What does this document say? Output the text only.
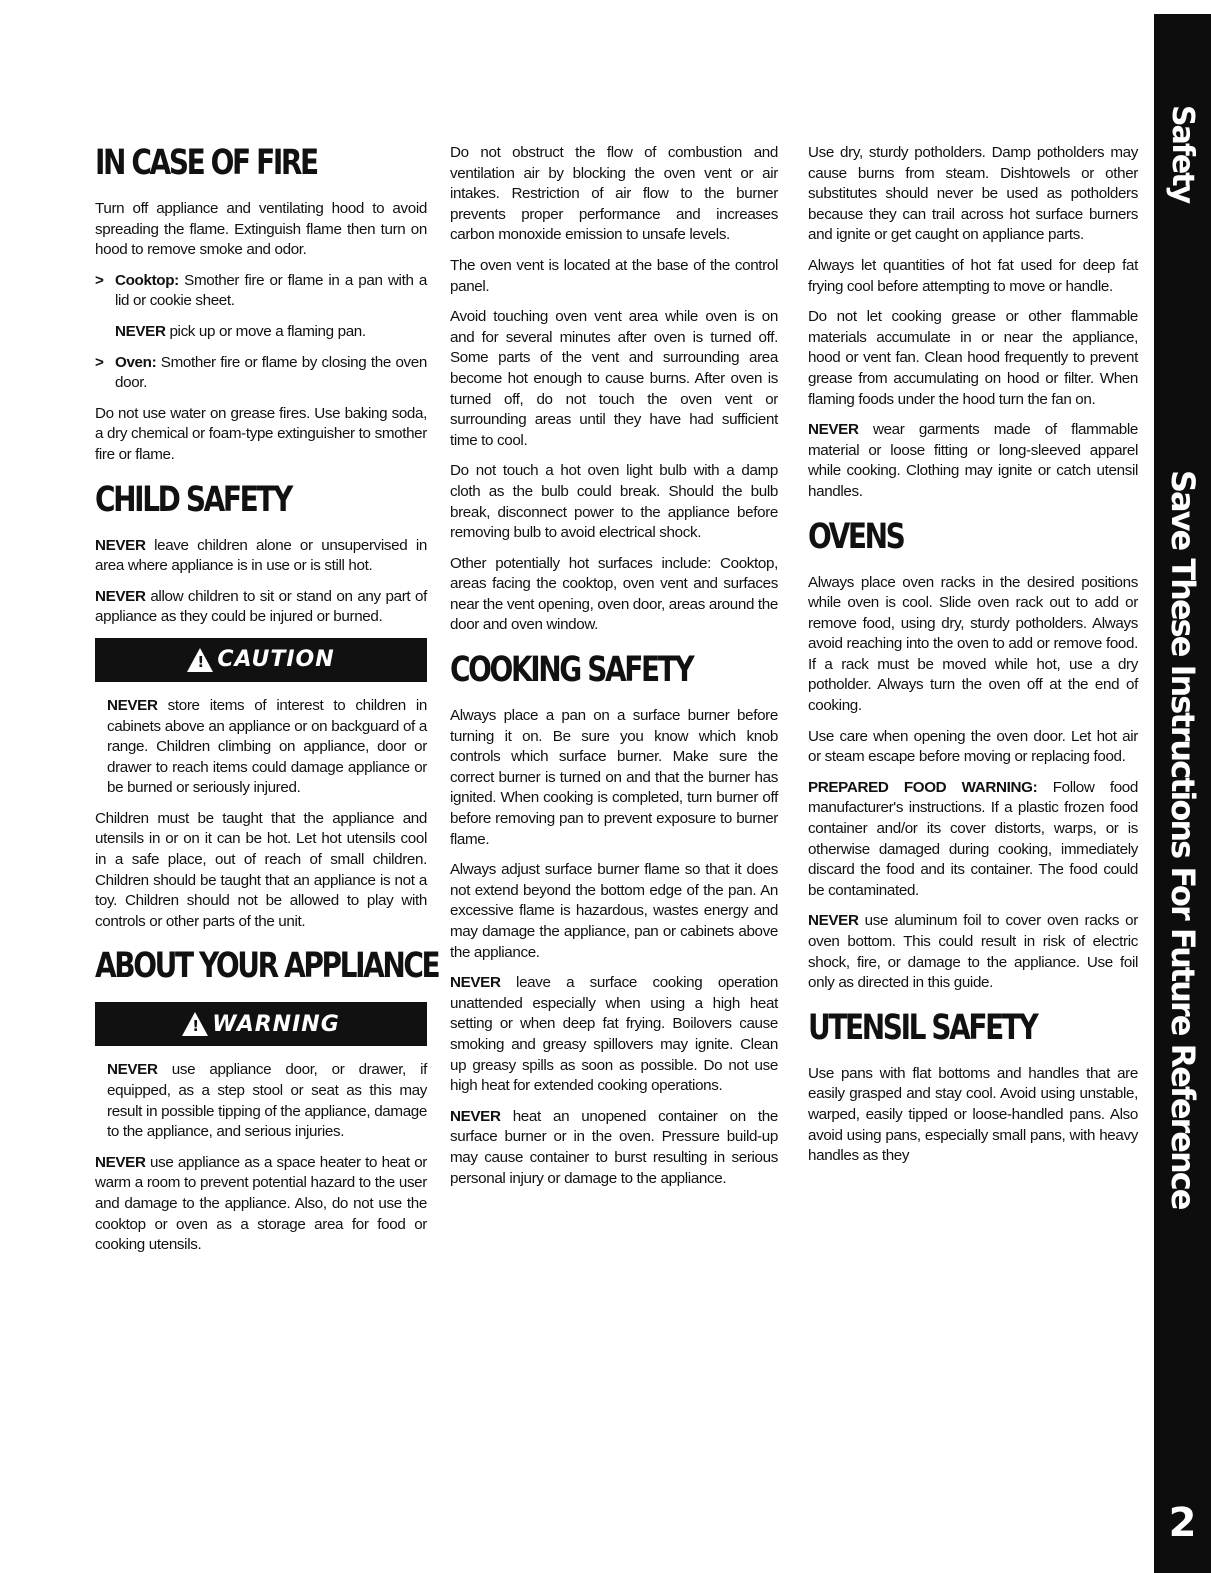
IN CASE OF FIRE

Turn off appliance and ventilating hood to avoid spreading the flame. Extinguish flame then turn on hood to remove smoke and odor.

> Cooktop: Smother fire or flame in a pan with a lid or cookie sheet.

NEVER pick up or move a flaming pan.

> Oven: Smother fire or flame by closing the oven door.

Do not use water on grease fires. Use baking soda, a dry chemical or foam-type extinguisher to smother fire or flame.

CHILD SAFETY

NEVER leave children alone or unsupervised in area where appliance is in use or is still hot.

NEVER allow children to sit or stand on any part of appliance as they could be injured or burned.

!
CAUTION

NEVER store items of interest to children in cabinets above an appliance or on backguard of a range. Children climbing on appliance, door or drawer to reach items could damage appliance or be burned or seriously injured.

Children must be taught that the appliance and utensils in or on it can be hot. Let hot utensils cool in a safe place, out of reach of small children. Children should be taught that an appliance is not a toy. Children should not be allowed to play with controls or other parts of the unit.

ABOUT YOUR APPLIANCE
!
WARNING

NEVER use appliance door, or drawer, if equipped, as a step stool or seat as this may result in possible tipping of the appliance, damage to the appliance, and serious injuries.

NEVER use appliance as a space heater to heat or warm a room to prevent potential hazard to the user and damage to the appliance. Also, do not use the cooktop or oven as a storage area for food or cooking utensils.

Do not obstruct the flow of combustion and ventilation air by blocking the oven vent or air intakes. Restriction of air flow to the burner prevents proper performance and increases carbon monoxide emission to unsafe levels.

The oven vent is located at the base of the control panel.

Avoid touching oven vent area while oven is on and for several minutes after oven is turned off. Some parts of the vent and surrounding area become hot enough to cause burns. After oven is turned off, do not touch the oven vent or surrounding areas until they have had sufficient time to cool.

Do not touch a hot oven light bulb with a damp cloth as the bulb could break. Should the bulb break, disconnect power to the appliance before removing bulb to avoid electrical shock.

Other potentially hot surfaces include: Cooktop, areas facing the cooktop, oven vent and surfaces near the vent opening, oven door, areas around the door and oven window.

COOKING SAFETY

Always place a pan on a surface burner before turning it on. Be sure you know which knob controls which surface burner. Make sure the correct burner is turned on and that the burner has ignited. When cooking is completed, turn burner off before removing pan to prevent exposure to burner flame.

Always adjust surface burner flame so that it does not extend beyond the bottom edge of the pan. An excessive flame is hazardous, wastes energy and may damage the appliance, pan or cabinets above the appliance.

NEVER leave a surface cooking operation unattended especially when using a high heat setting or when deep fat frying. Boilovers cause smoking and greasy spillovers may ignite. Clean up greasy spills as soon as possible. Do not use high heat for extended cooking operations.

NEVER heat an unopened container on the surface burner or in the oven. Pressure build-up may cause container to burst resulting in serious personal injury or damage to the appliance.

Use dry, sturdy potholders. Damp potholders may cause burns from steam. Dishtowels or other substitutes should never be used as potholders because they can trail across hot surface burners and ignite or get caught on appliance parts.

Always let quantities of hot fat used for deep fat frying cool before attempting to move or handle.

Do not let cooking grease or other flammable materials accumulate in or near the appliance, hood or vent fan. Clean hood frequently to prevent grease from accumulating on hood or filter. When flaming foods under the hood turn the fan on.

NEVER wear garments made of flammable material or loose fitting or long-sleeved apparel while cooking. Clothing may ignite or catch utensil handles.

OVENS

Always place oven racks in the desired positions while oven is cool. Slide oven rack out to add or remove food, using dry, sturdy potholders. Always avoid reaching into the oven to add or remove food. If a rack must be moved while hot, use a dry potholder. Always turn the oven off at the end of cooking.

Use care when opening the oven door. Let hot air or steam escape before moving or replacing food.

PREPARED FOOD WARNING: Follow food manufacturer's instructions. If a plastic frozen food container and/or its cover distorts, warps, or is otherwise damaged during cooking, immediately discard the food and its container. The food could be contaminated.

NEVER use aluminum foil to cover oven racks or oven bottom. This could result in risk of electric shock, fire, or damage to the appliance. Use foil only as directed in this guide.

UTENSIL SAFETY

Use pans with flat bottoms and handles that are easily grasped and stay cool. Avoid using unstable, warped, easily tipped or loose-handled pans. Also avoid using pans, especially small pans, with heavy handles as they

Safety
Save These Instructions For Future Reference
2
